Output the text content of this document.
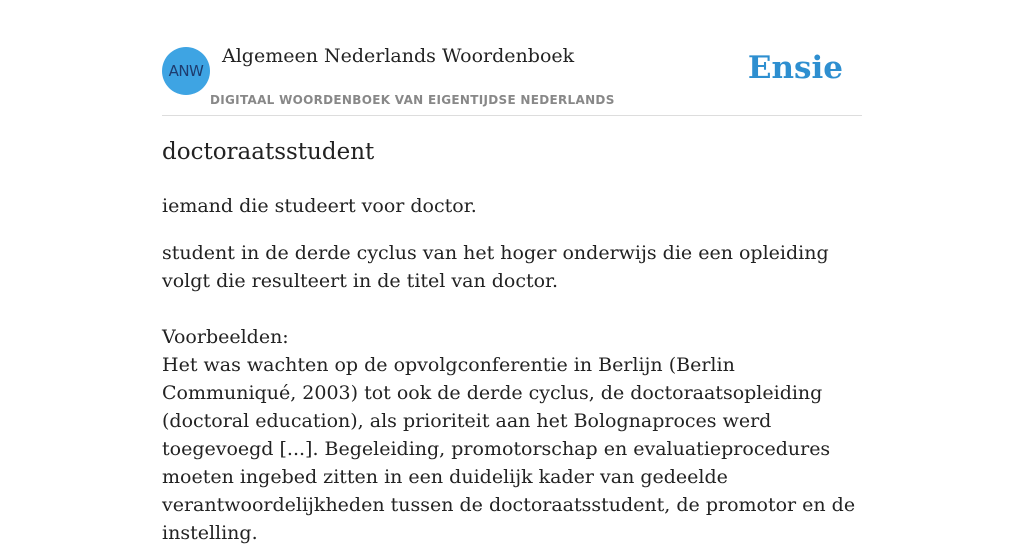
ANW
Algemeen Nederlands Woordenboek
DIGITAAL WOORDENBOEK VAN EIGENTIJDSE NEDERLANDS
Ensie
doctoraatsstudent

iemand die studeert voor doctor.

student in de derde cyclus van het hoger onderwijs die een opleiding volgt die resulteert in de titel van doctor.

Voorbeelden:

Het was wachten op de opvolgconferentie in Berlijn (Berlin Communiqué, 2003) tot ook de derde cyclus, de doctoraatsopleiding (doctoral education), als prioriteit aan het Bolognaproces werd toegevoegd [...]. Begeleiding, promotorschap en evaluatieprocedures moeten ingebed zitten in een duidelijk kader van gedeelde verantwoordelijkheden tussen de doctoraatsstudent, de promotor en de instelling.
